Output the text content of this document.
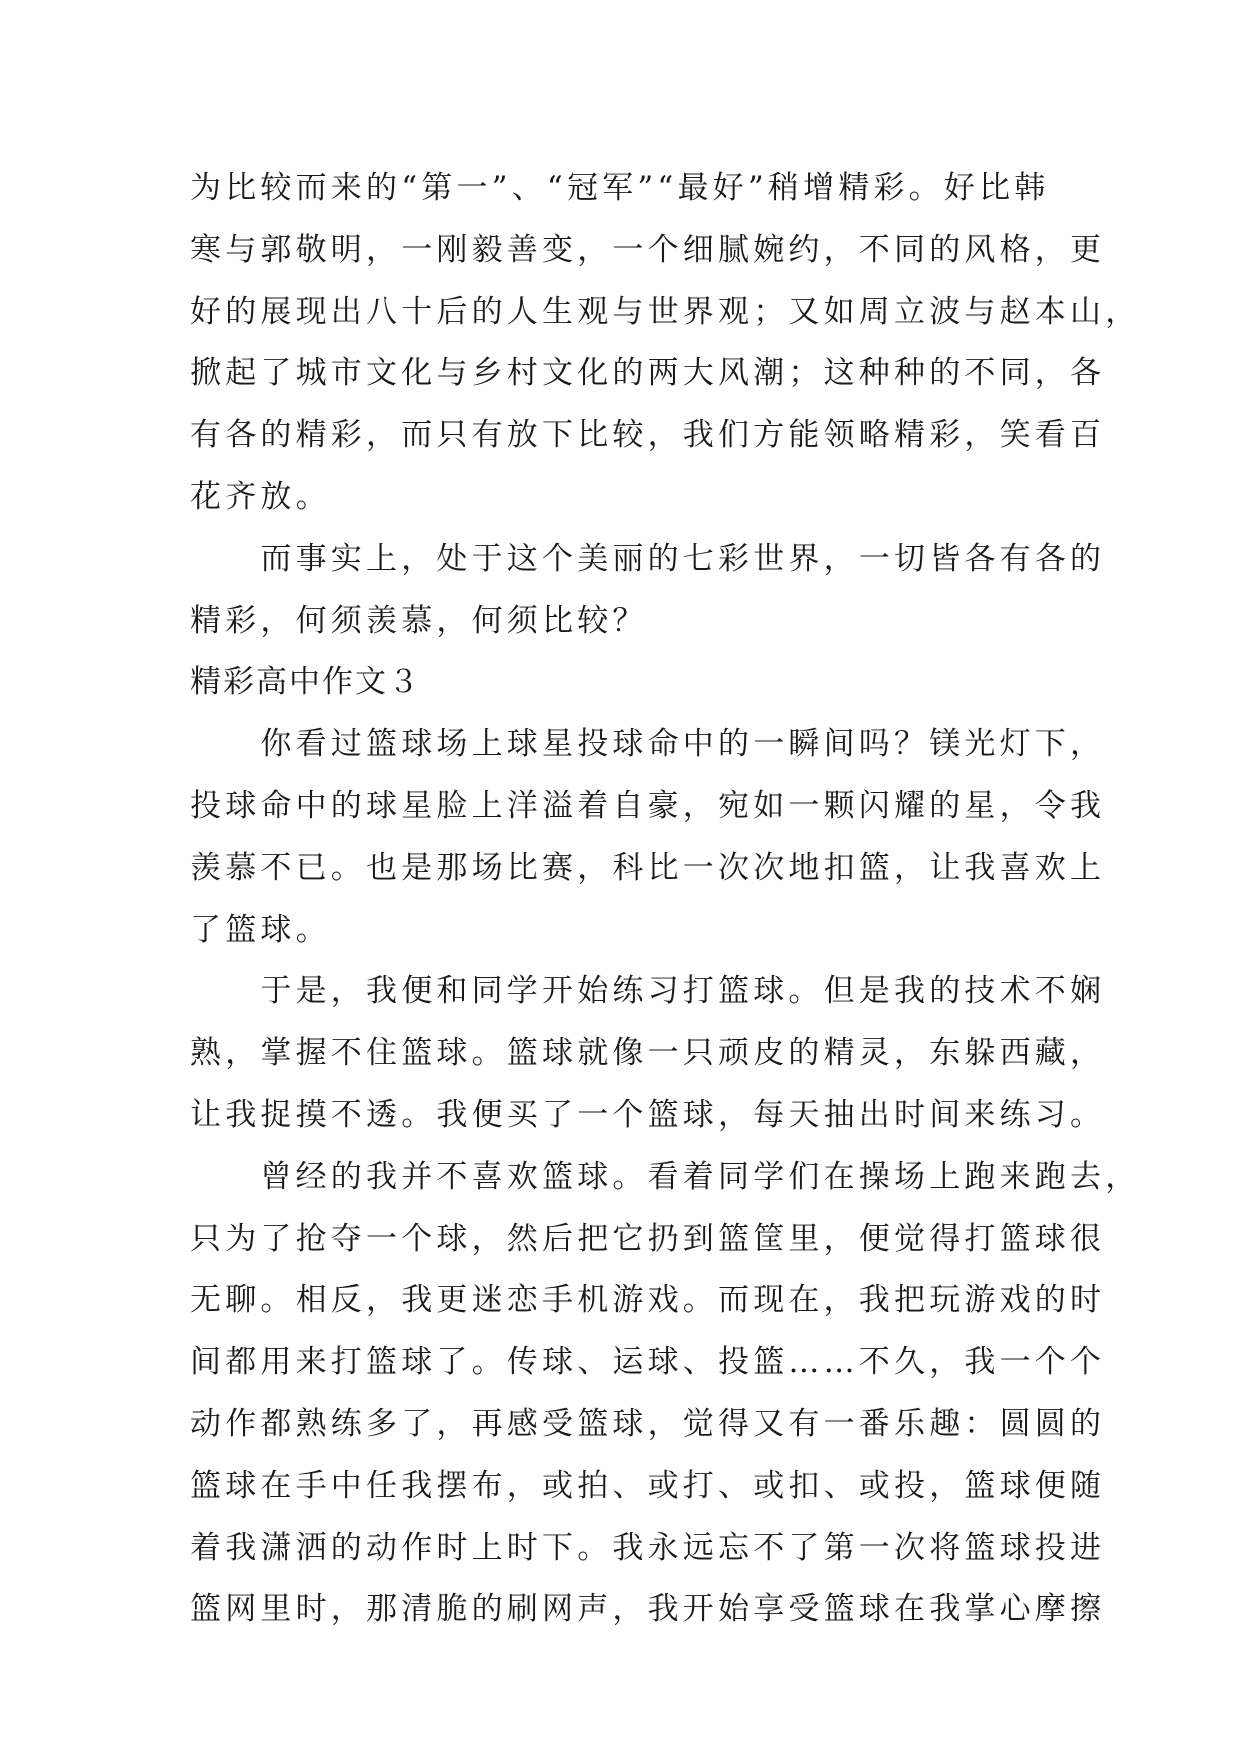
为比较而来的“第一”、“冠军”“最好”稍增精彩。好比韩
寒与郭敬明，一刚毅善变，一个细腻婉约，不同的风格，更
好的展现出八十后的人生观与世界观；又如周立波与赵本山，
掀起了城市文化与乡村文化的两大风潮；这种种的不同，各
有各的精彩，而只有放下比较，我们方能领略精彩，笑看百
花齐放。
　　而事实上，处于这个美丽的七彩世界，一切皆各有各的
精彩，何须羡慕，何须比较？
精彩高中作文３
　　你看过篮球场上球星投球命中的一瞬间吗？镁光灯下，
投球命中的球星脸上洋溢着自豪，宛如一颗闪耀的星，令我
羡慕不已。也是那场比赛，科比一次次地扣篮，让我喜欢上
了篮球。
　　于是，我便和同学开始练习打篮球。但是我的技术不娴
熟，掌握不住篮球。篮球就像一只顽皮的精灵，东躲西藏，
让我捉摸不透。我便买了一个篮球，每天抽出时间来练习。
　　曾经的我并不喜欢篮球。看着同学们在操场上跑来跑去，
只为了抢夺一个球，然后把它扔到篮筐里，便觉得打篮球很
无聊。相反，我更迷恋手机游戏。而现在，我把玩游戏的时
间都用来打篮球了。传球、运球、投篮……不久，我一个个
动作都熟练多了，再感受篮球，觉得又有一番乐趣：圆圆的
篮球在手中任我摆布，或拍、或打、或扣、或投，篮球便随
着我潇洒的动作时上时下。我永远忘不了第一次将篮球投进
篮网里时，那清脆的刷网声，我开始享受篮球在我掌心摩擦
